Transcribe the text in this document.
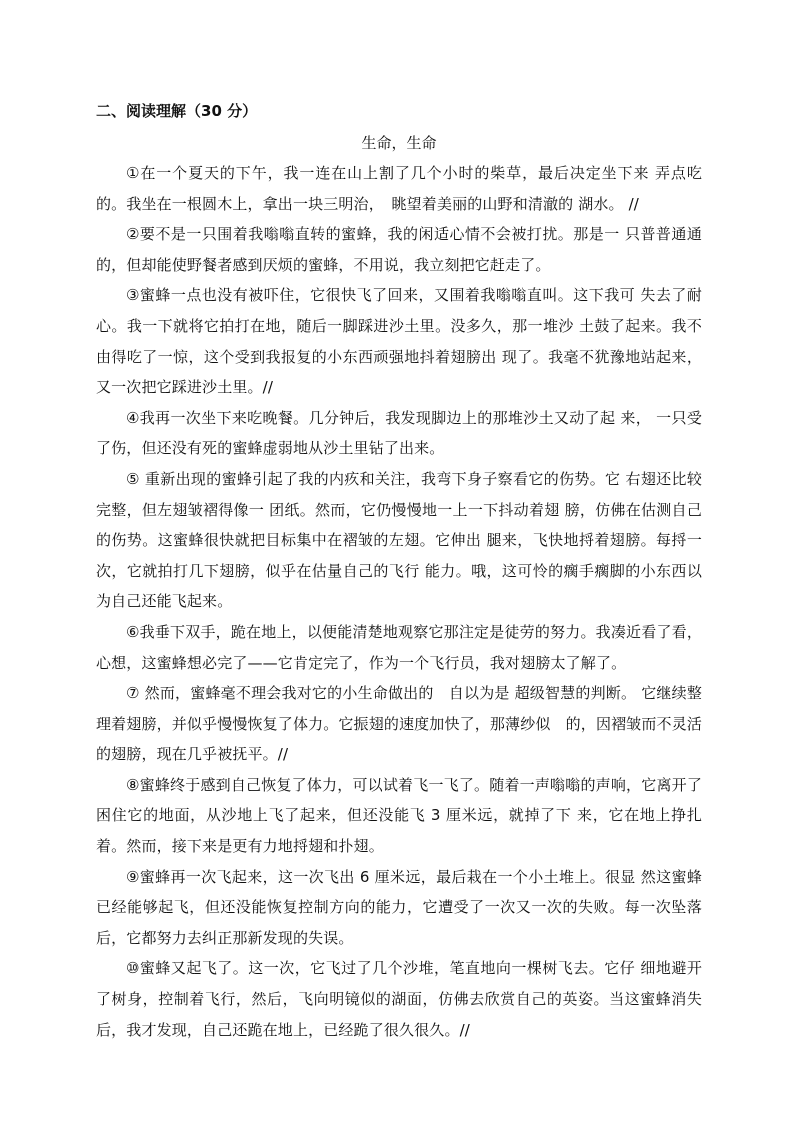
二、阅读理解（30 分）
生命，生命

①在一个夏天的下午，我一连在山上割了几个小时的柴草，最后决定坐下来 弄点吃的。我坐在一根圆木上，拿出一块三明治，　眺望着美丽的山野和清澈的 湖水。 //

②要不是一只围着我嗡嗡直转的蜜蜂，我的闲适心情不会被打扰。那是一 只普普通通的，但却能使野餐者感到厌烦的蜜蜂，不用说，我立刻把它赶走了。

③蜜蜂一点也没有被吓住，它很快飞了回来，又围着我嗡嗡直叫。这下我可 失去了耐心。我一下就将它拍打在地，随后一脚踩进沙土里。没多久，那一堆沙 土鼓了起来。我不由得吃了一惊，这个受到我报复的小东西顽强地抖着翅膀出 现了。我毫不犹豫地站起来，又一次把它踩进沙土里。//

④我再一次坐下来吃晚餐。几分钟后，我发现脚边上的那堆沙土又动了起 来， 一只受了伤，但还没有死的蜜蜂虚弱地从沙土里钻了出来。

⑤ 重新出现的蜜蜂引起了我的内疚和关注，我弯下身子察看它的伤势。它 右翅还比较完整，但左翅皱褶得像一 团纸。然而，它仍慢慢地一上一下抖动着翅 膀，仿佛在估测自己的伤势。这蜜蜂很快就把目标集中在褶皱的左翅。它伸出 腿来，飞快地捋着翅膀。每捋一次，它就拍打几下翅膀，似乎在估量自己的飞行 能力。哦，这可怜的瘸手瘸脚的小东西以为自己还能飞起来。

⑥我垂下双手，跪在地上，以便能清楚地观察它那注定是徒劳的努力。我凑近看了看，心想，这蜜蜂想必完了——它肯定完了，作为一个飞行员，我对翅膀太了解了。

⑦ 然而，蜜蜂毫不理会我对它的小生命做出的　自以为是 超级智慧的判断。 它继续整理着翅膀，并似乎慢慢恢复了体力。它振翅的速度加快了，那薄纱似　的，因褶皱而不灵活的翅膀，现在几乎被抚平。//

⑧蜜蜂终于感到自己恢复了体力，可以试着飞一飞了。随着一声嗡嗡的声响，它离开了困住它的地面，从沙地上飞了起来，但还没能飞 3 厘米远，就掉了下 来，它在地上挣扎着。然而，接下来是更有力地捋翅和扑翅。

⑨蜜蜂再一次飞起来，这一次飞出 6 厘米远，最后栽在一个小土堆上。很显 然这蜜蜂已经能够起飞，但还没能恢复控制方向的能力，它遭受了一次又一次的失败。每一次坠落后，它都努力去纠正那新发现的失误。

⑩蜜蜂又起飞了。这一次，它飞过了几个沙堆，笔直地向一棵树飞去。它仔 细地避开了树身，控制着飞行，然后，飞向明镜似的湖面，仿佛去欣赏自己的英姿。当这蜜蜂消失后，我才发现，自己还跪在地上，已经跪了很久很久。//
